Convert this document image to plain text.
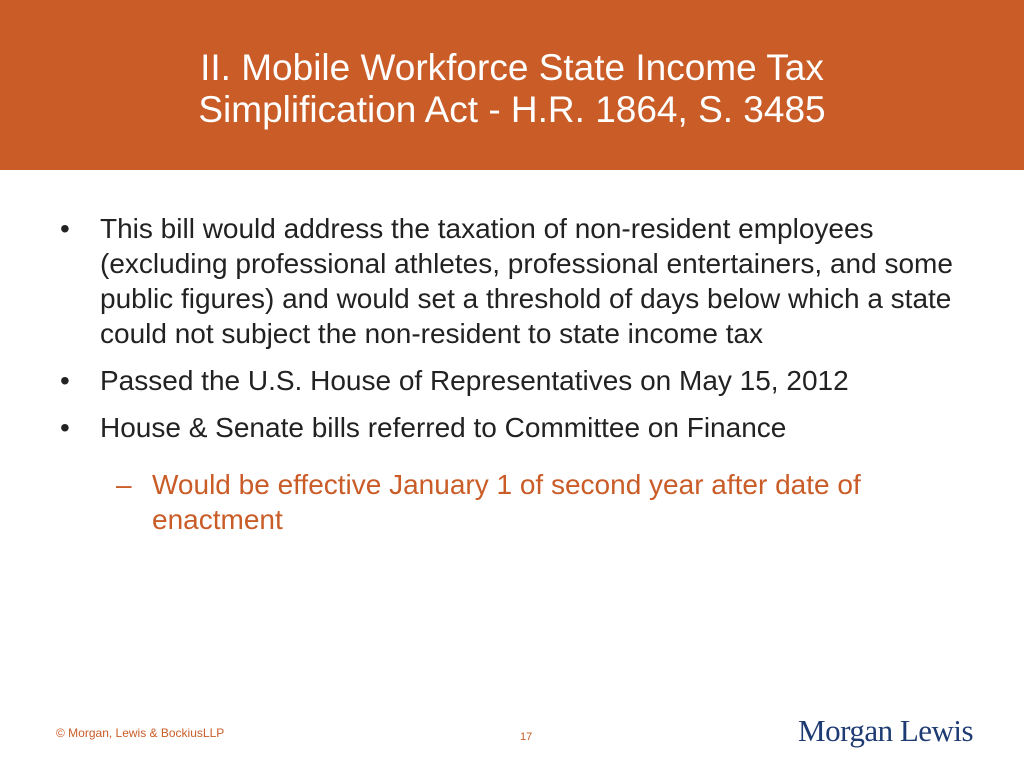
II. Mobile Workforce State Income Tax
Simplification Act - H.R. 1864, S. 3485
• This bill would address the taxation of non-resident employees (excluding professional athletes, professional entertainers, and some public figures) and would set a threshold of days below which a state could not subject the non-resident to state income tax
• Passed the U.S. House of Representatives on May 15, 2012
• House & Senate bills referred to Committee on Finance
– Would be effective January 1 of second year after date of enactment
© Morgan, Lewis & BockiusLLP	17	Morgan Lewis
